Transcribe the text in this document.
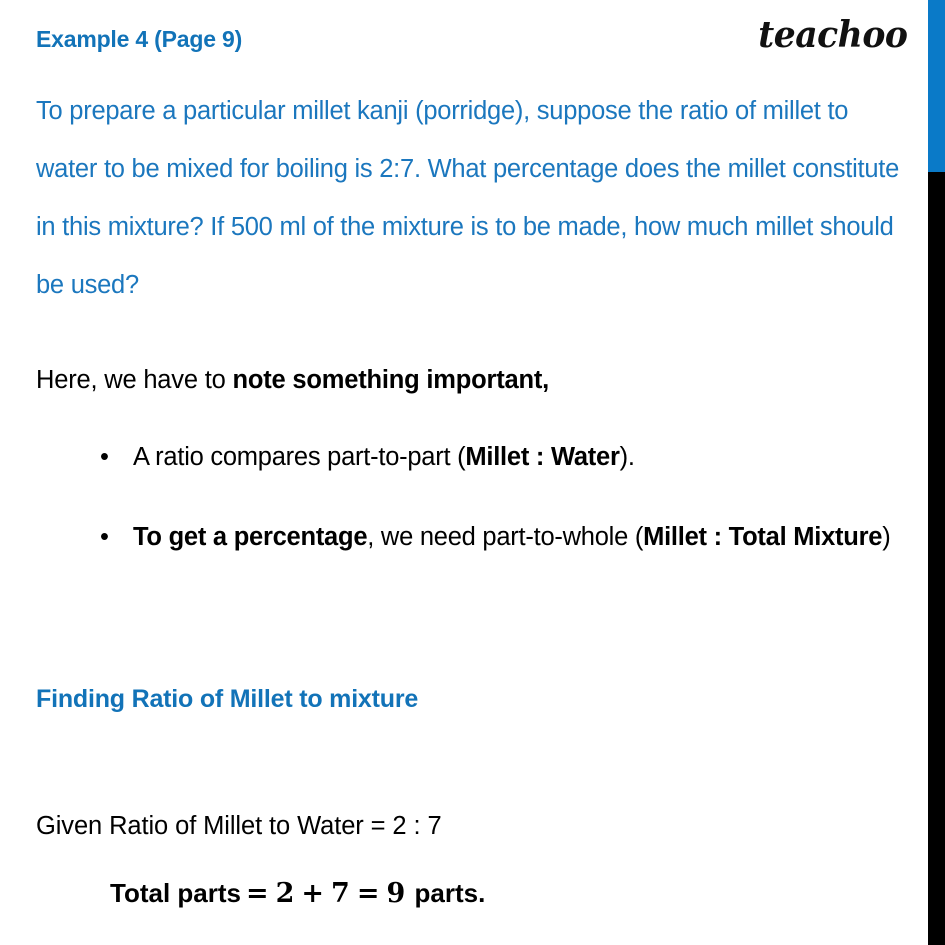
Example 4 (Page 9)	teachoo
To prepare a particular millet kanji (porridge), suppose the ratio of millet to water to be mixed for boiling is 2:7. What percentage does the millet constitute in this mixture? If 500 ml of the mixture is to be made, how much millet should be used?
Here, we have to note something important,
• A ratio compares part-to-part (Millet : Water).
• To get a percentage, we need part-to-whole (Millet : Total Mixture)
Finding Ratio of Millet to mixture
Given Ratio of Millet to Water = 2 : 7
Total parts = 2 + 7 = 9 parts.
